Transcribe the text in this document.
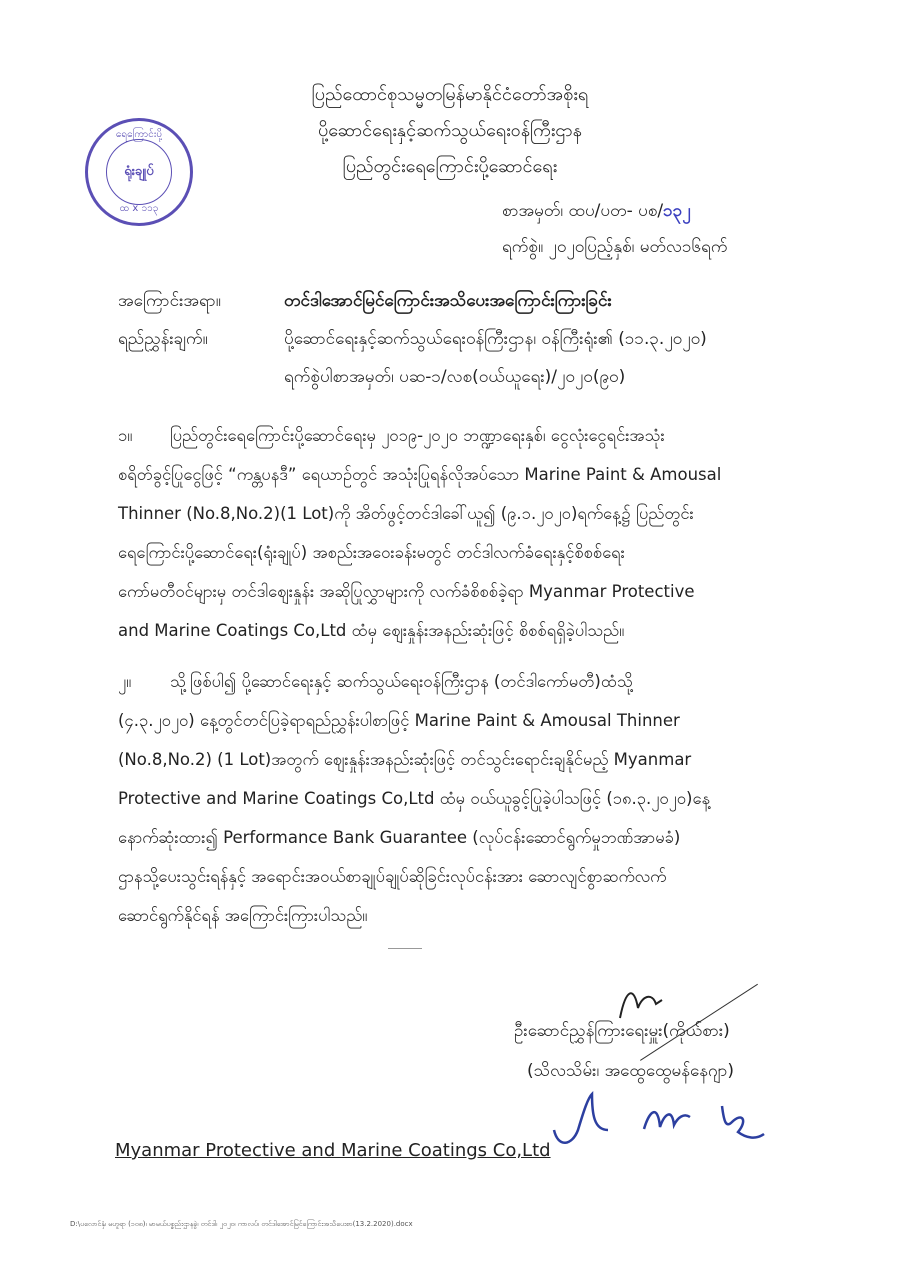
ပြည်ထောင်စုသမ္မတမြန်မာနိုင်ငံတော်အစိုးရ
ပို့ဆောင်ရေးနှင့်ဆက်သွယ်ရေးဝန်ကြီးဌာန
ပြည်တွင်းရေကြောင်းပို့ဆောင်ရေး
ရေကြောင်းပို့
ရုံးချုပ်
ထ x ၁၁၃	စာအမှတ်၊ ထပ/ပတ- ပစ/၁၃၂
ရက်စွဲ။ ၂၀၂၀ပြည့်နှစ်၊ မတ်လ၁၆ရက်
အကြောင်းအရာ။	တင်ဒါအောင်မြင်ကြောင်းအသိပေးအကြောင်းကြားခြင်း
ရည်ညွှန်းချက်။	ပို့ဆောင်ရေးနှင့်ဆက်သွယ်ရေးဝန်ကြီးဌာန၊ ဝန်ကြီးရုံး၏ (၁၁.၃.၂၀၂၀)
ရက်စွဲပါစာအမှတ်၊ ပဆ-၁/လစ(ဝယ်ယူရေး)/၂၀၂၀(၉၀)
၁။ ပြည်တွင်းရေကြောင်းပို့ဆောင်ရေးမှ ၂၀၁၉-၂၀၂၀ ဘဏ္ဍာရေးနှစ်၊ ငွေလုံးငွေရင်းအသုံး
စရိတ်ခွင့်ပြုငွေဖြင့် “ကန္တပနဒီ” ရေယာဉ်တွင် အသုံးပြုရန်လိုအပ်သော Marine Paint & Amousal
Thinner (No.8,No.2)(1 Lot)ကို အိတ်ဖွင့်တင်ဒါခေါ်ယူ၍ (၉.၁.၂၀၂၀)ရက်နေ့၌ ပြည်တွင်း
ရေကြောင်းပို့ဆောင်ရေး(ရုံးချုပ်) အစည်းအဝေးခန်းမတွင် တင်ဒါလက်ခံရေးနှင့်စိစစ်ရေး
ကော်မတီဝင်များမှ တင်ဒါဈေးနှုန်း အဆိုပြုလွှာများကို လက်ခံစိစစ်ခဲ့ရာ Myanmar Protective
and Marine Coatings Co,Ltd ထံမှ ဈေးနှုန်းအနည်းဆုံးဖြင့် စိစစ်ရရှိခဲ့ပါသည်။
၂။ သို့ဖြစ်ပါ၍ ပို့ဆောင်ရေးနှင့် ဆက်သွယ်ရေးဝန်ကြီးဌာန (တင်ဒါကော်မတီ)ထံသို့
(၄.၃.၂၀၂၀) နေ့တွင်တင်ပြခဲ့ရာရည်ညွှန်းပါစာဖြင့် Marine Paint & Amousal Thinner
(No.8,No.2) (1 Lot)အတွက် ဈေးနှုန်းအနည်းဆုံးဖြင့် တင်သွင်းရောင်းချနိုင်မည့် Myanmar
Protective and Marine Coatings Co,Ltd ထံမှ ဝယ်ယူခွင့်ပြုခဲ့ပါသဖြင့် (၁၈.၃.၂၀၂၀)နေ့
နောက်ဆုံးထား၍ Performance Bank Guarantee (လုပ်ငန်းဆောင်ရွက်မှုဘဏ်အာမခံ)
ဌာနသို့ပေးသွင်းရန်နှင့် အရောင်းအဝယ်စာချုပ်ချုပ်ဆိုခြင်းလုပ်ငန်းအား ဆောလျင်စွာဆက်လက်
ဆောင်ရွက်နိုင်ရန် အကြောင်းကြားပါသည်။
ဦးဆောင်ညွှန်ကြားရေးမှူး(ကိုယ်စား)
(သိလသိမ်း၊ အထွေထွေမန်နေဂျာ)
Myanmar Protective and Marine Coatings Co,Ltd
D:\ပလောင်နှံ၊ မဟူရာ (၁၀၈)၊ မာမယ်ပစ္စည်းဌာနခွဲ၊ တင်ဒါ၊ ၂၀၂၀၊ ကာလပ်၊ တင်ဒါအောင်မြင်ကြောင်းအသိပေးစာ(13.2.2020).docx
